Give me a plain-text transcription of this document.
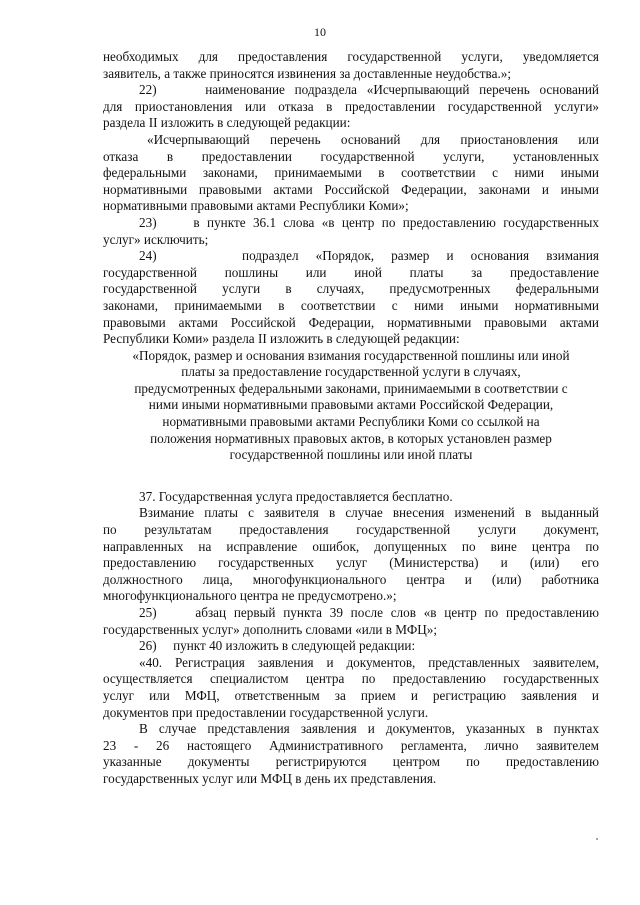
10

необходимых для предоставления государственной услуги, уведомляется

заявитель, а также приносятся извинения за доставленные неудобства.»;

22)     наименование подраздела «Исчерпывающий перечень оснований

для приостановления или отказа в предоставлении государственной услуги»

раздела II изложить в следующей редакции:

«Исчерпывающий перечень оснований для приостановления или

отказа в предоставлении государственной услуги, установленных

федеральными законами, принимаемыми в соответствии с ними иными

нормативными правовыми актами Российской Федерации, законами и иными

нормативными правовыми актами Республики Коми»;

23)     в пункте 36.1 слова «в центр по предоставлению государственных

услуг» исключить;

24)     подраздел «Порядок, размер и основания взимания

государственной пошлины или иной платы за предоставление

государственной услуги в случаях, предусмотренных федеральными

законами, принимаемыми в соответствии с ними иными нормативными

правовыми актами Российской Федерации, нормативными правовыми актами

Республики Коми» раздела II изложить в следующей редакции:

«Порядок, размер и основания взимания государственной пошлины или иной

платы за предоставление государственной услуги в случаях,

предусмотренных федеральными законами, принимаемыми в соответствии с

ними иными нормативными правовыми актами Российской Федерации,

нормативными правовыми актами Республики Коми со ссылкой на

положения нормативных правовых актов, в которых установлен размер

государственной пошлины или иной платы

37. Государственная услуга предоставляется бесплатно.

Взимание платы с заявителя в случае внесения изменений в выданный

по результатам предоставления государственной услуги документ,

направленных на исправление ошибок, допущенных по вине центра по

предоставлению государственных услуг (Министерства) и (или) его

должностного лица, многофункционального центра и (или) работника

многофункционального центра не предусмотрено.»;

25)     абзац первый пункта 39 после слов «в центр по предоставлению

государственных услуг» дополнить словами «или в МФЦ»;

26)     пункт 40 изложить в следующей редакции:

«40. Регистрация заявления и документов, представленных заявителем,

осуществляется специалистом центра по предоставлению государственных

услуг или МФЦ, ответственным за прием и регистрацию заявления и

документов при предоставлении государственной услуги.

В случае представления заявления и документов, указанных в пунктах

23 - 26 настоящего Административного регламента, лично заявителем

указанные документы регистрируются центром по предоставлению

государственных услуг или МФЦ в день их представления.
